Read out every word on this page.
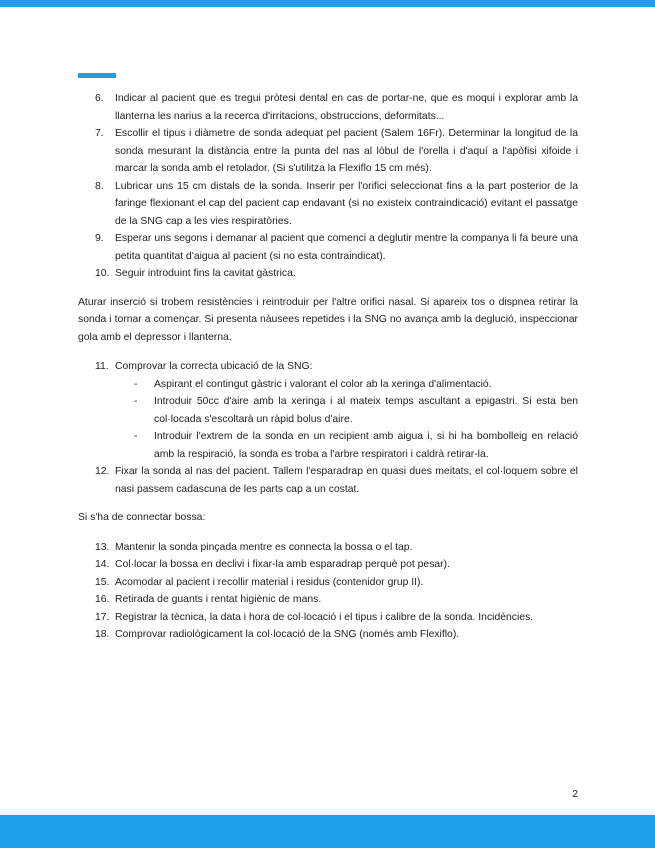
6. Indicar al pacient que es tregui pròtesi dental en cas de portar-ne, que es moqui i explorar amb la llanterna les narius a la recerca d'irritacions, obstruccions, deformitats...
7. Escollir el tipus i diàmetre de sonda adequat pel pacient (Salem 16Fr). Determinar la longitud de la sonda mesurant la distància entre la punta del nas al lòbul de l'orella i d'aquí a l'apòfisi xifoide i marcar la sonda amb el retolador. (Si s'utilitza la Flexiflo 15 cm més).
8. Lubricar uns 15 cm distals de la sonda. Inserir per l'orifici seleccionat fins a la part posterior de la faringe flexionant el cap del pacient cap endavant (si no existeix contraindicació) evitant el passatge de la SNG cap a les vies respiratòries.
9. Esperar uns segons i demanar al pacient que comenci a deglutir mentre la companya li fa beure una petita quantitat d'aigua al pacient (si no esta contraindicat).
10. Seguir introduint fins la cavitat gàstrica.

Aturar inserció si trobem resistències i reintroduir per l'altre orifici nasal. Si apareix tos o dispnea retirar la sonda i tornar a començar. Si presenta nàusees repetides i la SNG no avança amb la deglució, inspeccionar gola amb el depressor i llanterna.

11. Comprovar la correcta ubicació de la SNG:
- Aspirant el contingut gàstric i valorant el color ab la xeringa d'alimentació.
- Introduir 50cc d'aire amb la xeringa i al mateix temps ascultant a epigastri. Si esta ben col·locada s'escoltarà un ràpid bolus d'aire.
- Introduir l'extrem de la sonda en un recipient amb aigua i, si hi ha bombolleig en relació amb la respiració, la sonda es troba a l'arbre respiratori i caldrà retirar-la.
12. Fixar la sonda al nas del pacient. Tallem l'esparadrap en quasi dues meitats, el col·loquem sobre el nasi passem cadascuna de les parts cap a un costat.

Si s'ha de connectar bossa:

13. Mantenir la sonda pinçada mentre es connecta la bossa o el tap.
14. Col·locar la bossa en declivi i fixar-la amb esparadrap perquè pot pesar).
15. Acomodar al pacient i recollir material i residus (contenidor grup II).
16. Retirada de guants i rentat higiènic de mans.
17. Registrar la tècnica, la data i hora de col·locació i el tipus i calibre de la sonda. Incidències.
18. Comprovar radiològicament la col·locació de la SNG (només amb Flexiflo).
2
